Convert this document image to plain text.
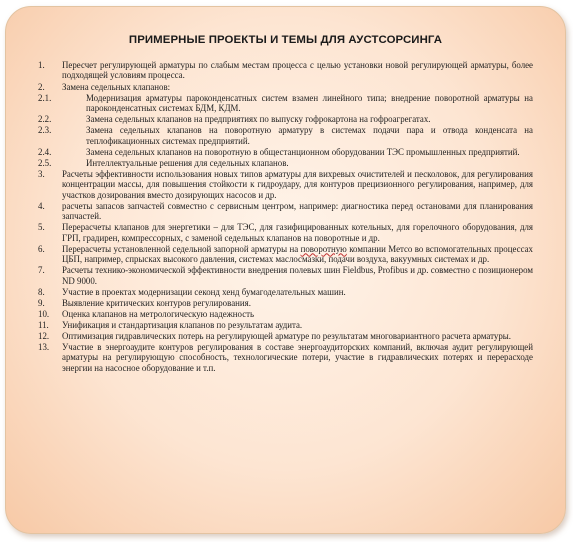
ПРИМЕРНЫЕ ПРОЕКТЫ И ТЕМЫ ДЛЯ АУСТСОРСИНГА
1.	Пересчет регулирующей арматуры по слабым местам процесса с целью установки новой регулирующей арматуры, более подходящей условиям процесса.
2.	Замена седельных клапанов:
2.1.	Модернизация арматуры пароконденсатных систем взамен линейного типа; внедрение поворотной арматуры на пароконденсатных системах БДМ, КДМ.
2.2.	Замена седельных клапанов на предприятиях по выпуску гофрокартона на гофроагрегатах.
2.3.	Замена седельных клапанов на поворотную арматуру в системах подачи пара и отвода конденсата на теплофикационных системах предприятий.
2.4.	Замена седельных клапанов на поворотную в общестанционном оборудовании ТЭС промышленных предприятий.
2.5.	Интеллектуальные решения для седельных клапанов.
3.	Расчеты эффективности использования новых типов арматуры для вихревых очистителей и песколовок, для регулирования концентрации массы, для повышения стойкости к гидроудару, для контуров прецизионного регулирования, например, для участков дозирования вместо дозирующих насосов и др.
4.	расчеты запасов запчастей совместно с сервисным центром, например: диагностика перед остановами для планирования запчастей.
5.	Перерасчеты клапанов для энергетики – для ТЭС, для газифицированных котельных, для горелочного оборудования, для ГРП, градирен, компрессорных, с заменой седельных клапанов на поворотные и др.
6.	Перерасчеты установленной седельной запорной арматуры на поворотную компании Метсо во вспомогательных процессах ЦБП, например, спрысках высокого давления, системах маслосмазки, подачи воздуха, вакуумных системах и др.
7.	Расчеты технико-экономической эффективности внедрения полевых шин Fieldbus, Profibus и др. совместно с позиционером ND 9000.
8.	Участие в проектах модернизации секонд хенд бумагоделательных машин.
9.	Выявление критических контуров регулирования.
10.	Оценка клапанов на метрологическую надежность
11.	Унификация и стандартизация клапанов по результатам аудита.
12.	Оптимизация гидравлических потерь на регулирующей арматуре по результатам многовариантного расчета арматуры.
13.	Участие в энергоаудите контуров регулирования в составе энергоаудиторских компаний, включая аудит регулирующей арматуры на регулирующую способность, технологические потери, участие в гидравлических потерях и перерасходе энергии на насосное оборудование и т.п.
